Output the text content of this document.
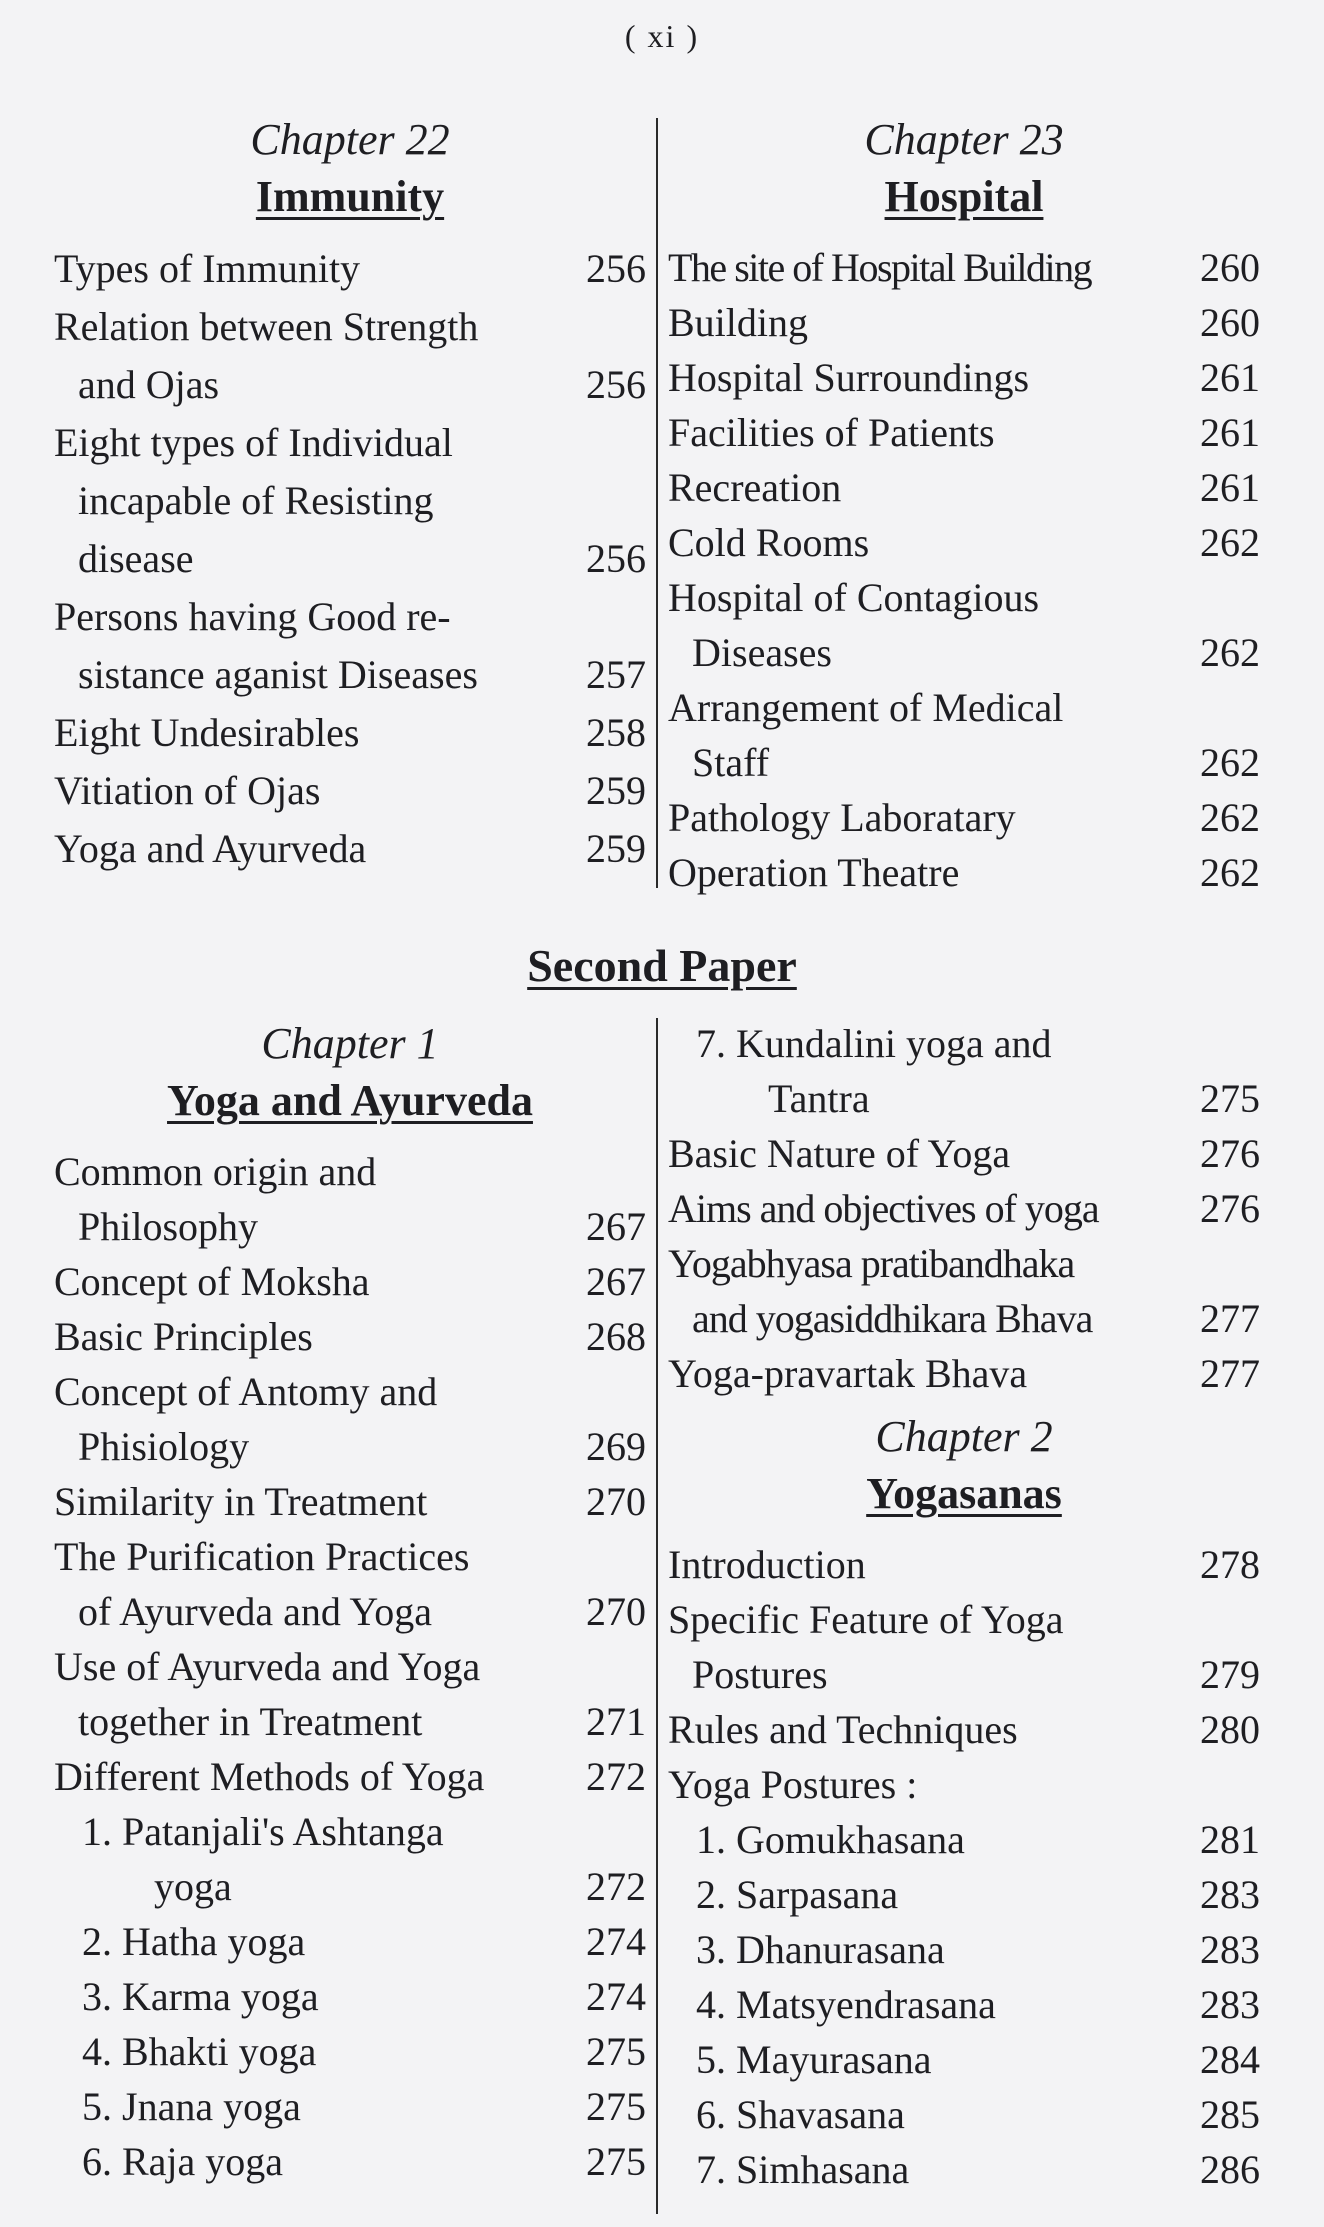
( xi )
Chapter 22
Immunity
Types of Immunity	256
Relation between Strength
and Ojas	256
Eight types of Individual
incapable of Resisting
disease	256
Persons having Good re-
sistance aganist Diseases	257
Eight Undesirables	258
Vitiation of Ojas	259
Yoga and Ayurveda	259
Chapter 23
Hospital
The site of Hospital Building	260
Building	260
Hospital Surroundings	261
Facilities of Patients	261
Recreation	261
Cold Rooms	262
Hospital of Contagious
Diseases	262
Arrangement of Medical
Staff	262
Pathology Laboratary	262
Operation Theatre	262
Second Paper
Chapter 1
Yoga and Ayurveda
Common origin and
Philosophy	267
Concept of Moksha	267
Basic Principles	268
Concept of Antomy and
Phisiology	269
Similarity in Treatment	270
The Purification Practices
of Ayurveda and Yoga	270
Use of Ayurveda and Yoga
together in Treatment	271
Different Methods of Yoga	272
1. Patanjali's Ashtanga
yoga	272
2. Hatha yoga	274
3. Karma yoga	274
4. Bhakti yoga	275
5. Jnana yoga	275
6. Raja yoga	275
7. Kundalini yoga and
Tantra	275
Basic Nature of Yoga	276
Aims and objectives of yoga	276
Yogabhyasa pratibandhaka
and yogasiddhikara Bhava	277
Yoga-pravartak Bhava	277
Chapter 2
Yogasanas
Introduction	278
Specific Feature of Yoga
Postures	279
Rules and Techniques	280
Yoga Postures :
1. Gomukhasana	281
2. Sarpasana	283
3. Dhanurasana	283
4. Matsyendrasana	283
5. Mayurasana	284
6. Shavasana	285
7. Simhasana	286
